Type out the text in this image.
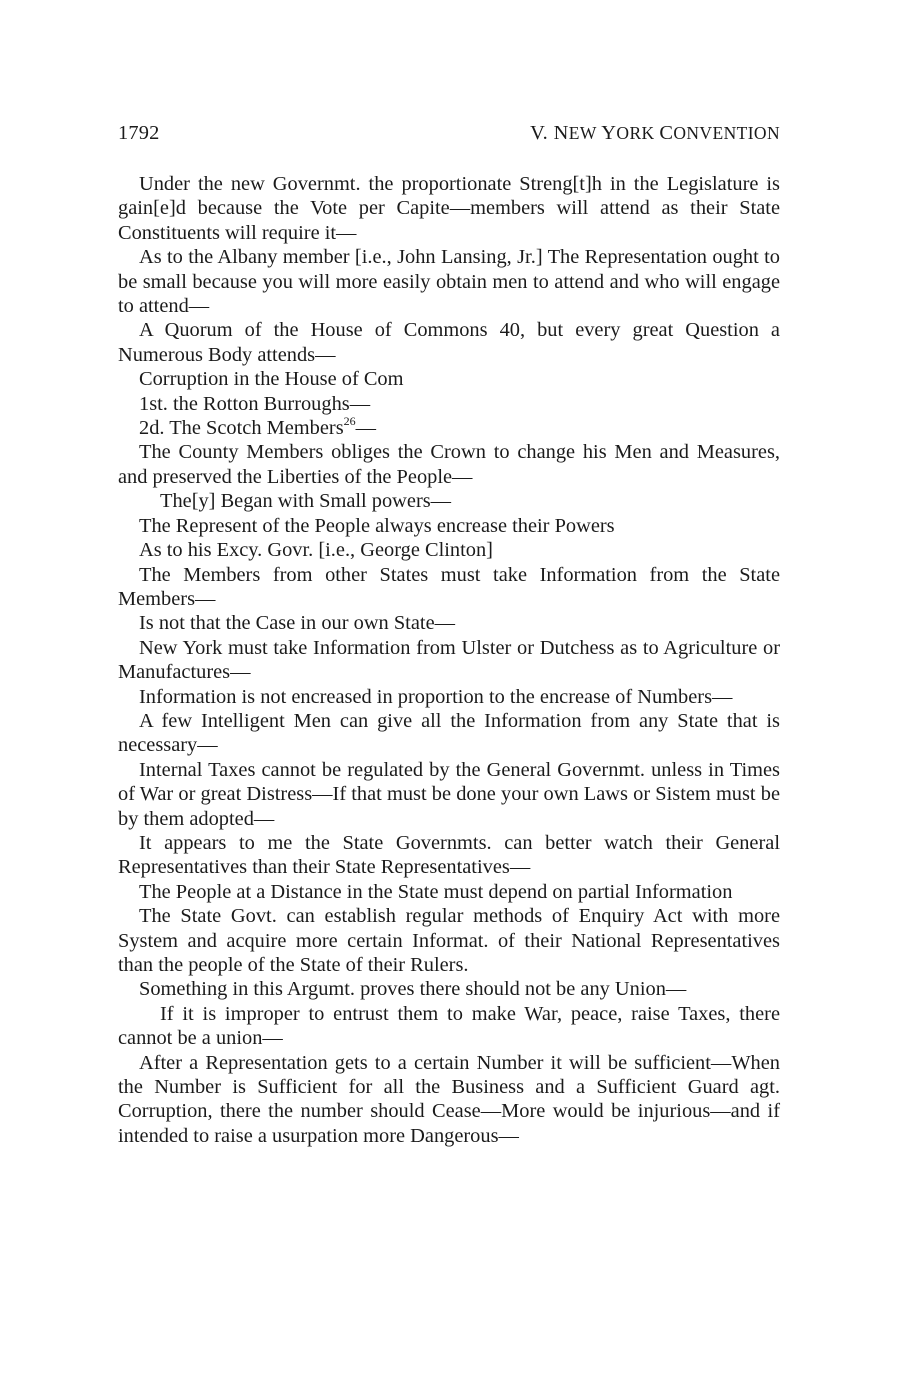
1792	V. NEW YORK CONVENTION

Under the new Governmt. the proportionate Streng[t]h in the Legislature is gain[e]d because the Vote per Capite—members will attend as their State Constituents will require it—

As to the Albany member [i.e., John Lansing, Jr.] The Representation ought to be small because you will more easily obtain men to attend and who will engage to attend—

A Quorum of the House of Commons 40, but every great Question a Numerous Body attends—

Corruption in the House of Com

1st. the Rotton Burroughs—

2d. The Scotch Members$^{26}$—

The County Members obliges the Crown to change his Men and Measures, and preserved the Liberties of the People—

The[y] Began with Small powers—

The Represent of the People always encrease their Powers

As to his Excy. Govr. [i.e., George Clinton]

The Members from other States must take Information from the State Members—

Is not that the Case in our own State—

New York must take Information from Ulster or Dutchess as to Agriculture or Manufactures—

Information is not encreased in proportion to the encrease of Numbers—

A few Intelligent Men can give all the Information from any State that is necessary—

Internal Taxes cannot be regulated by the General Governmt. unless in Times of War or great Distress—If that must be done your own Laws or Sistem must be by them adopted—

It appears to me the State Governmts. can better watch their General Representatives than their State Representatives—

The People at a Distance in the State must depend on partial Information

The State Govt. can establish regular methods of Enquiry Act with more System and acquire more certain Informat. of their National Representatives than the people of the State of their Rulers.

Something in this Argumt. proves there should not be any Union—

If it is improper to entrust them to make War, peace, raise Taxes, there cannot be a union—

After a Representation gets to a certain Number it will be sufficient—When the Number is Sufficient for all the Business and a Sufficient Guard agt. Corruption, there the number should Cease—More would be injurious—and if intended to raise a usurpation more Dangerous—
